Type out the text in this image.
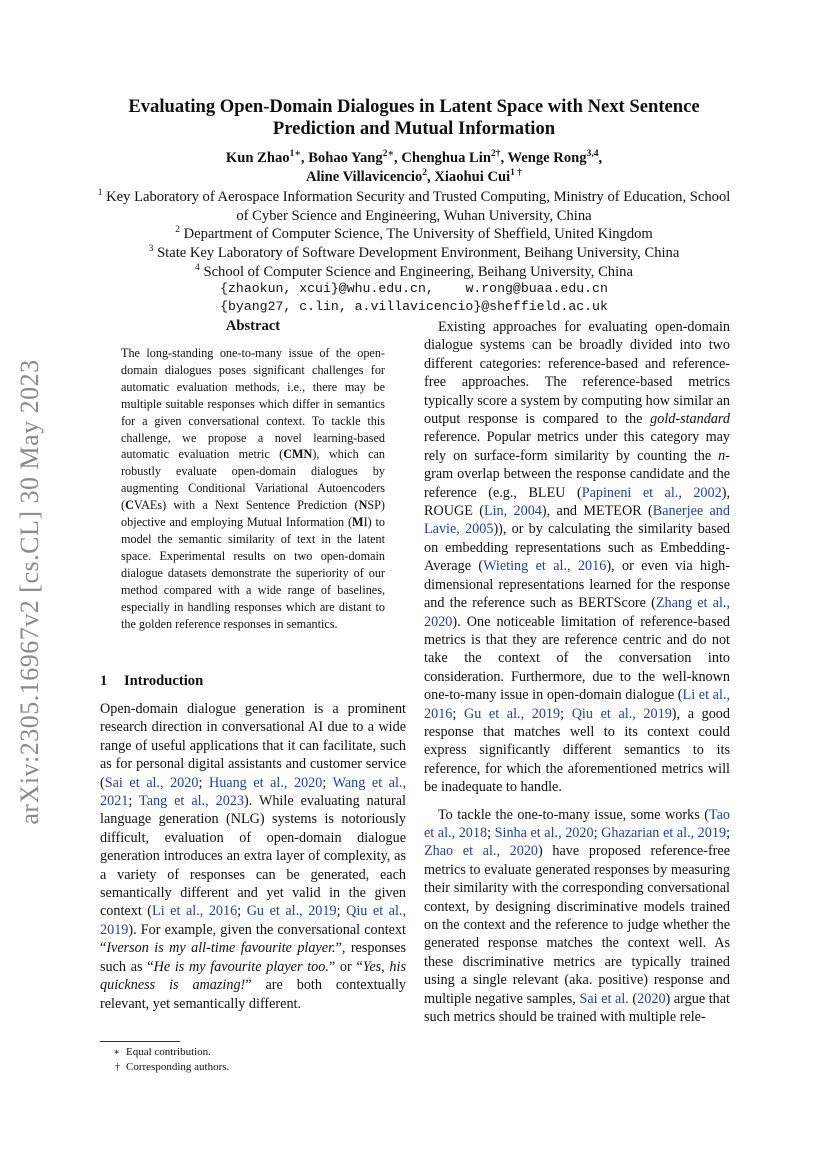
arXiv:2305.16967v2 [cs.CL] 30 May 2023
Evaluating Open-Domain Dialogues in Latent Space with Next Sentence Prediction and Mutual Information
Kun Zhao$^{1∗}$, Bohao Yang$^{2∗}$, Chenghua Lin$^{2\dagger}$, Wenge Rong$^{3,4}$,
Aline Villavicencio$^2$, Xiaohui Cui$^{1 \dagger}$
$^1$ Key Laboratory of Aerospace Information Security and Trusted Computing, Ministry of Education, School of Cyber Science and Engineering, Wuhan University, China
$^2$ Department of Computer Science, The University of Sheffield, United Kingdom
$^3$ State Key Laboratory of Software Development Environment, Beihang University, China
$^4$ School of Computer Science and Engineering, Beihang University, China
{zhaokun, xcui}@whu.edu.cn, w.rong@buaa.edu.cn
{byang27, c.lin, a.villavicencio}@sheffield.ac.uk
Abstract
The long-standing one-to-many issue of the open-domain dialogues poses significant challenges for automatic evaluation methods, i.e., there may be multiple suitable responses which differ in semantics for a given conversational context. To tackle this challenge, we propose a novel learning-based automatic evaluation metric (CMN), which can robustly evaluate open-domain dialogues by augmenting Conditional Variational Autoencoders (CVAEs) with a Next Sentence Prediction (NSP) objective and employing Mutual Information (MI) to model the semantic similarity of text in the latent space. Experimental results on two open-domain dialogue datasets demonstrate the superiority of our method compared with a wide range of baselines, especially in handling responses which are distant to the golden reference responses in semantics.
1 Introduction
Open-domain dialogue generation is a prominent research direction in conversational AI due to a wide range of useful applications that it can facilitate, such as for personal digital assistants and customer service (Sai et al., 2020; Huang et al., 2020; Wang et al., 2021; Tang et al., 2023). While evaluating natural language generation (NLG) systems is notoriously difficult, evaluation of open-domain dialogue generation introduces an extra layer of complexity, as a variety of responses can be generated, each semantically different and yet valid in the given context (Li et al., 2016; Gu et al., 2019; Qiu et al., 2019). For example, given the conversational context “Iverson is my all-time favourite player.”, responses such as “He is my favourite player too.” or “Yes, his quickness is amazing!” are both contextually relevant, yet semantically different.
∗ Equal contribution.
† Corresponding authors.

Existing approaches for evaluating open-domain dialogue systems can be broadly divided into two different categories: reference-based and reference-free approaches. The reference-based metrics typically score a system by computing how similar an output response is compared to the gold-standard reference. Popular metrics under this category may rely on surface-form similarity by counting the n-gram overlap between the response candidate and the reference (e.g., BLEU (Papineni et al., 2002), ROUGE (Lin, 2004), and METEOR (Banerjee and Lavie, 2005)), or by calculating the similarity based on embedding representations such as Embedding-Average (Wieting et al., 2016), or even via high-dimensional representations learned for the response and the reference such as BERTScore (Zhang et al., 2020). One noticeable limitation of reference-based metrics is that they are reference centric and do not take the context of the conversation into consideration. Furthermore, due to the well-known one-to-many issue in open-domain dialogue (Li et al., 2016; Gu et al., 2019; Qiu et al., 2019), a good response that matches well to its context could express significantly different semantics to its reference, for which the aforementioned metrics will be inadequate to handle.

To tackle the one-to-many issue, some works (Tao et al., 2018; Sinha et al., 2020; Ghazarian et al., 2019; Zhao et al., 2020) have proposed reference-free metrics to evaluate generated responses by measuring their similarity with the corresponding conversational context, by designing discriminative models trained on the context and the reference to judge whether the generated response matches the context well. As these discriminative metrics are typically trained using a single relevant (aka. positive) response and multiple negative samples, Sai et al. (2020) argue that such metrics should be trained with multiple rele-
